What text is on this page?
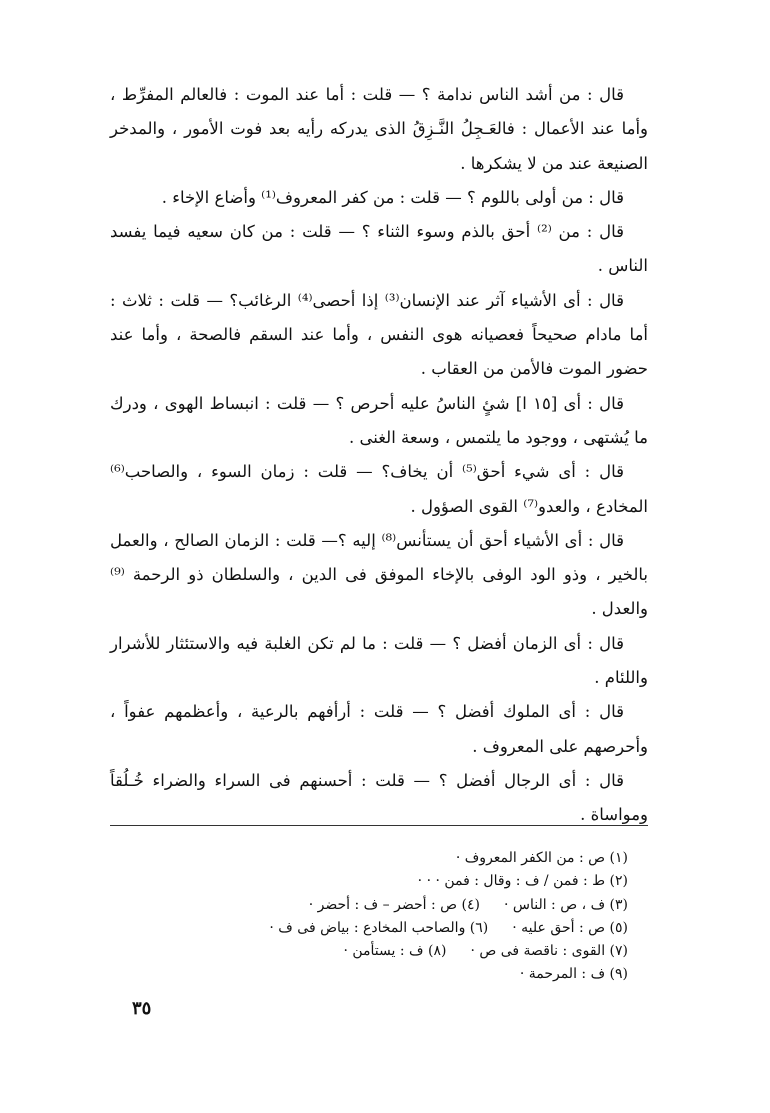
قال : من أشد الناس ندامة ؟ — قلت : أما عند الموت : فالعالم المفرِّط ، وأما عند الأعمال : فالعَـجِلُ النَّـزِقُ الذى يدركه رأيه بعد فوت الأمور ، والمدخر الصنيعة عند من لا يشكرها .

قال : من أولى باللوم ؟ — قلت : من كفر المعروف⁽¹⁾ وأضاع الإخاء .

قال : من ⁽²⁾ أحق بالذم وسوء الثناء ؟ — قلت : من كان سعيه فيما يفسد الناس .

قال : أى الأشياء آثر عند الإنسان⁽³⁾ إذا أحصى⁽⁴⁾ الرغائب؟ — قلت : ثلاث : أما مادام صحيحاً فعصيانه هوى النفس ، وأما عند السقم فالصحة ، وأما عند حضور الموت فالأمن من العقاب .

قال : أى [١٥ ا] شئٍ الناسُ عليه أحرص ؟ — قلت : انبساط الهوى ، ودرك ما يُشتهى ، ووجود ما يلتمس ، وسعة الغنى .

قال : أى شيء أحق⁽⁵⁾ أن يخاف؟ — قلت : زمان السوء ، والصاحب⁽⁶⁾ المخادع ، والعدو⁽⁷⁾ القوى الصؤول .

قال : أى الأشياء أحق أن يستأنس⁽⁸⁾ إليه ؟— قلت : الزمان الصالح ، والعمل بالخير ، وذو الود الوفى بالإخاء الموفق فى الدين ، والسلطان ذو الرحمة ⁽⁹⁾ والعدل .

قال : أى الزمان أفضل ؟ — قلت : ما لم تكن الغلبة فيه والاستئثار للأشرار واللئام .

قال : أى الملوك أفضل ؟ — قلت : أرأفهم بالرعية ، وأعظمهم عفواً ، وأحرصهم على المعروف .

قال : أى الرجال أفضل ؟ — قلت : أحسنهم فى السراء والضراء خُـلُقاً ومواساة .

(١) ص : من الكفر المعروف ·
(٢) ط : فمن / ف : وقال : فمن · · ·
(٣) ف ، ص : الناس ·(٤) ص : أحضر – ف : أحضر ·
(٥) ص : أحق عليه ·(٦) والصاحب المخادع : بياض فى ف ·
(٧) القوى : ناقصة فى ص ·(٨) ف : يستأمن ·
(٩) ف : المرحمة ·
٣٥
